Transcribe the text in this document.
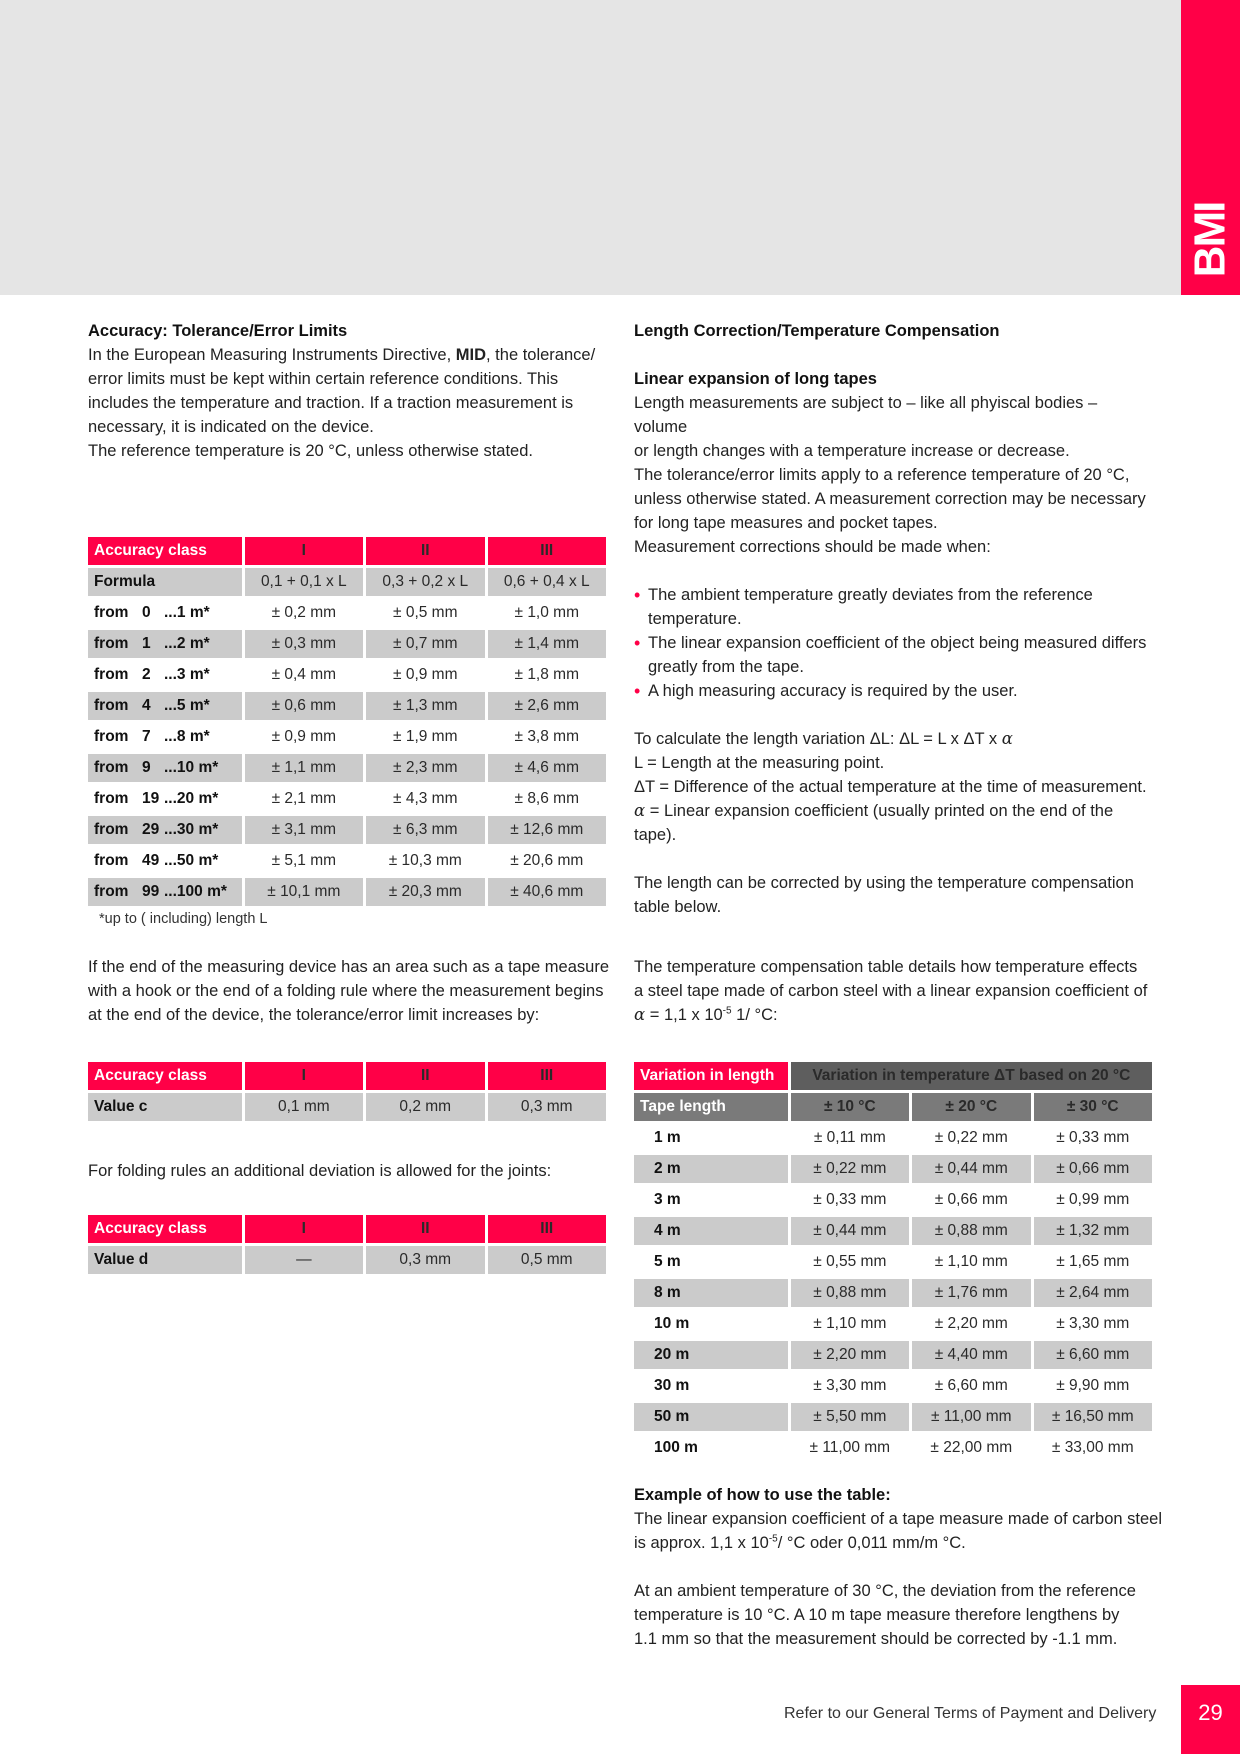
BMI

Accuracy: Tolerance/Error Limits

In the European Measuring Instruments Directive, MID, the tolerance/

error limits must be kept within certain reference conditions. This

includes the temperature and traction. If a traction measurement is

necessary, it is indicated on the device.

The reference temperature is 20 °C, unless otherwise stated.

Accuracy class	I	II	III
Formula	0,1 + 0,1 x L	0,3 + 0,2 x L	0,6 + 0,4 x L
from 0 ...1 m*	± 0,2 mm	± 0,5 mm	± 1,0 mm
from 1 ...2 m*	± 0,3 mm	± 0,7 mm	± 1,4 mm
from 2 ...3 m*	± 0,4 mm	± 0,9 mm	± 1,8 mm
from 4 ...5 m*	± 0,6 mm	± 1,3 mm	± 2,6 mm
from 7 ...8 m*	± 0,9 mm	± 1,9 mm	± 3,8 mm
from 9 ...10 m*	± 1,1 mm	± 2,3 mm	± 4,6 mm
from 19 ...20 m*	± 2,1 mm	± 4,3 mm	± 8,6 mm
from 29 ...30 m*	± 3,1 mm	± 6,3 mm	± 12,6 mm
from 49 ...50 m*	± 5,1 mm	± 10,3 mm	± 20,6 mm
from 99 ...100 m*	± 10,1 mm	± 20,3 mm	± 40,6 mm
*up to ( including) length L

If the end of the measuring device has an area such as a tape measure

with a hook or the end of a folding rule where the measurement begins

at the end of the device, the tolerance/error limit increases by:

Accuracy class	I	II	III
Value c	0,1 mm	0,2 mm	0,3 mm

For folding rules an additional deviation is allowed for the joints:

Accuracy class	I	II	III
Value d	—	0,3 mm	0,5 mm

Length Correction/Temperature Compensation

Linear expansion of long tapes

Length measurements are subject to – like all phyiscal bodies – volume

or length changes with a temperature increase or decrease.

The tolerance/error limits apply to a reference temperature of 20 °C,

unless otherwise stated. A measurement correction may be necessary

for long tape measures and pocket tapes.

Measurement corrections should be made when:

• The ambient temperature greatly deviates from the reference
temperature.
• The linear expansion coefficient of the object being measured differs
greatly from the tape.
• A high measuring accuracy is required by the user.

To calculate the length variation ΔL: ΔL = L x ΔT x α

L = Length at the measuring point.

ΔT = Difference of the actual temperature at the time of measurement.

α = Linear expansion coefficient (usually printed on the end of the tape).

The length can be corrected by using the temperature compensation

table below.

The temperature compensation table details how temperature effects

a steel tape made of carbon steel with a linear expansion coefficient of

α = 1,1 x $10^{-5}$ 1/ °C:

Variation in length	Variation in temperature ΔT based on 20 °C		
Tape length	± 10 °C	± 20 °C	± 30 °C
1 m	± 0,11 mm	± 0,22 mm	± 0,33 mm
2 m	± 0,22 mm	± 0,44 mm	± 0,66 mm
3 m	± 0,33 mm	± 0,66 mm	± 0,99 mm
4 m	± 0,44 mm	± 0,88 mm	± 1,32 mm
5 m	± 0,55 mm	± 1,10 mm	± 1,65 mm
8 m	± 0,88 mm	± 1,76 mm	± 2,64 mm
10 m	± 1,10 mm	± 2,20 mm	± 3,30 mm
20 m	± 2,20 mm	± 4,40 mm	± 6,60 mm
30 m	± 3,30 mm	± 6,60 mm	± 9,90 mm
50 m	± 5,50 mm	± 11,00 mm	± 16,50 mm
100 m	± 11,00 mm	± 22,00 mm	± 33,00 mm

Example of how to use the table:

The linear expansion coefficient of a tape measure made of carbon steel

is approx. 1,1 x $10^{-5}/$ °C oder 0,011 mm/m °C.

At an ambient temperature of 30 °C, the deviation from the reference

temperature is 10 °C. A 10 m tape measure therefore lengthens by

1.1 mm so that the measurement should be corrected by -1.1 mm.

Refer to our General Terms of Payment and Delivery	29
